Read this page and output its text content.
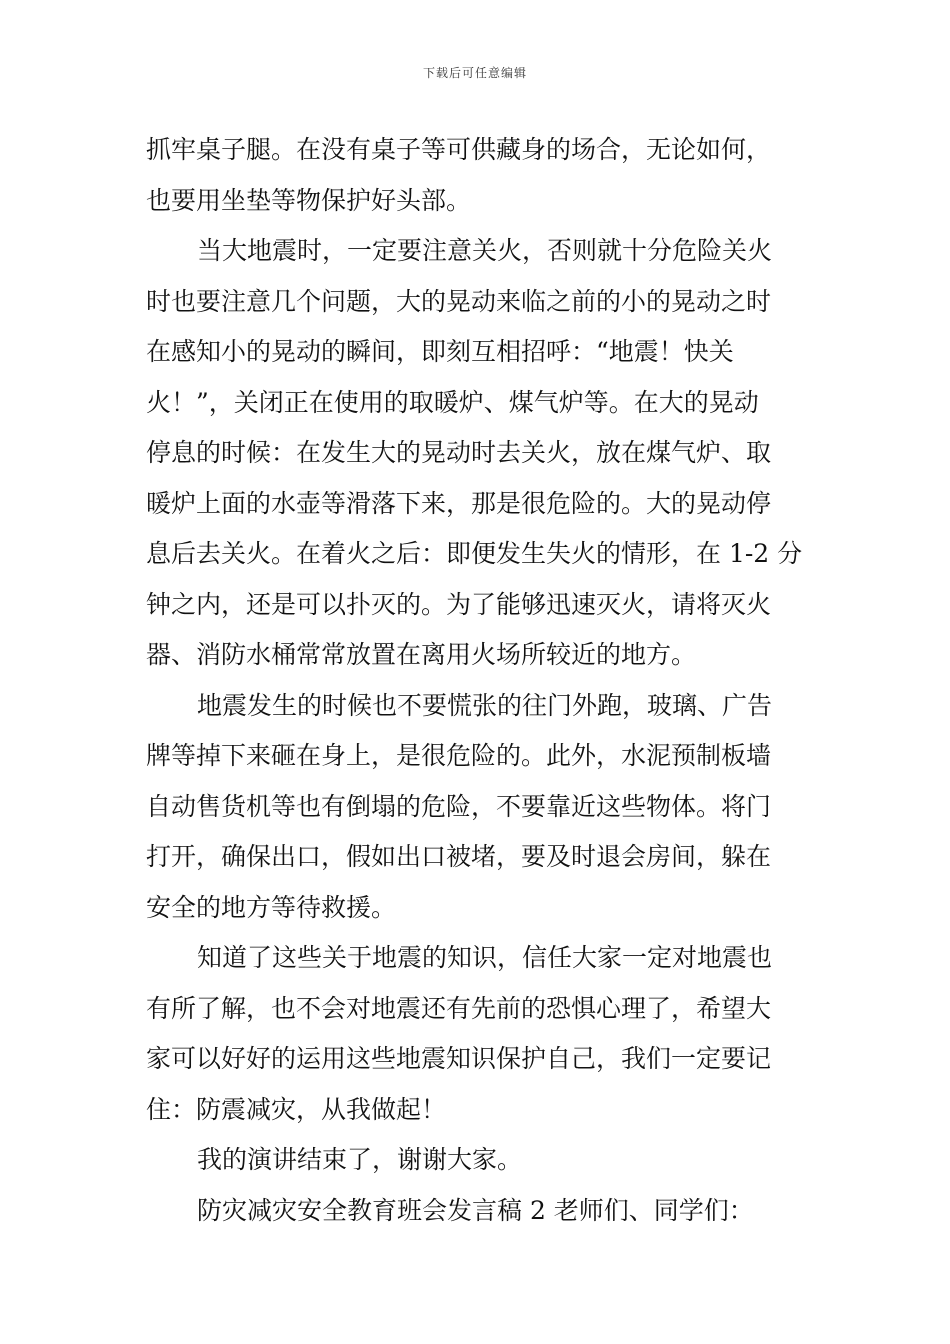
下载后可任意编辑
抓牢桌子腿。在没有桌子等可供藏身的场合，无论如何，
也要用坐垫等物保护好头部。
当大地震时，一定要注意关火，否则就十分危险关火
时也要注意几个问题，大的晃动来临之前的小的晃动之时
在感知小的晃动的瞬间，即刻互相招呼：“地震！快关
火！”，关闭正在使用的取暖炉、煤气炉等。在大的晃动
停息的时候：在发生大的晃动时去关火，放在煤气炉、取
暖炉上面的水壶等滑落下来，那是很危险的。大的晃动停
息后去关火。在着火之后：即便发生失火的情形，在 1-2 分
钟之内，还是可以扑灭的。为了能够迅速灭火，请将灭火
器、消防水桶常常放置在离用火场所较近的地方。
地震发生的时候也不要慌张的往门外跑，玻璃、广告
牌等掉下来砸在身上，是很危险的。此外，水泥预制板墙
自动售货机等也有倒塌的危险，不要靠近这些物体。将门
打开，确保出口，假如出口被堵，要及时退会房间，躲在
安全的地方等待救援。
知道了这些关于地震的知识，信任大家一定对地震也
有所了解，也不会对地震还有先前的恐惧心理了，希望大
家可以好好的运用这些地震知识保护自己，我们一定要记
住：防震减灾，从我做起！
我的演讲结束了，谢谢大家。
防灾减灾安全教育班会发言稿 2 老师们、同学们：
